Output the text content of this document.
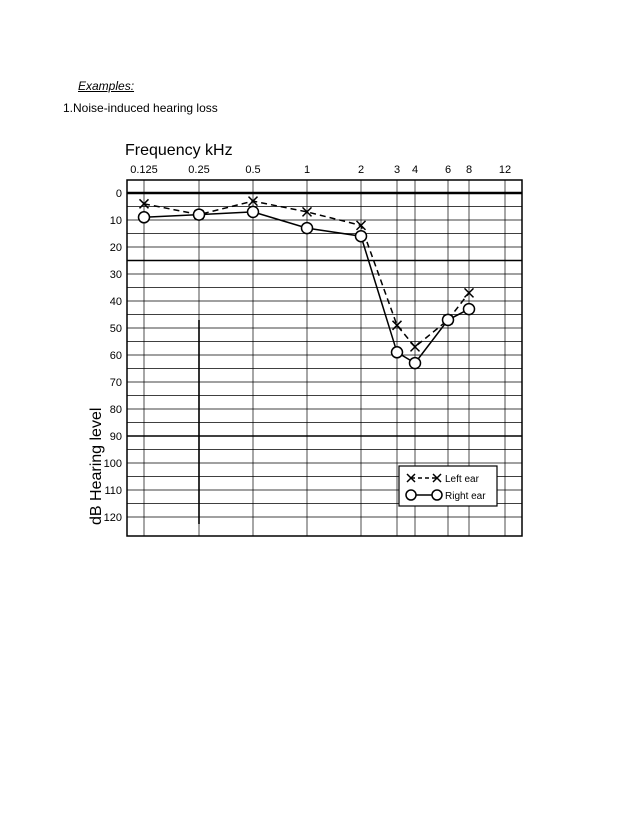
Examples:

1.Noise-induced hearing loss

Frequency kHz
dB Hearing level
0.125	0.25	0.5	1	2	3 4 6 8 12
0
10
20
30
40
50
60
70
80
90
100
110
120
Left ear
Right ear
